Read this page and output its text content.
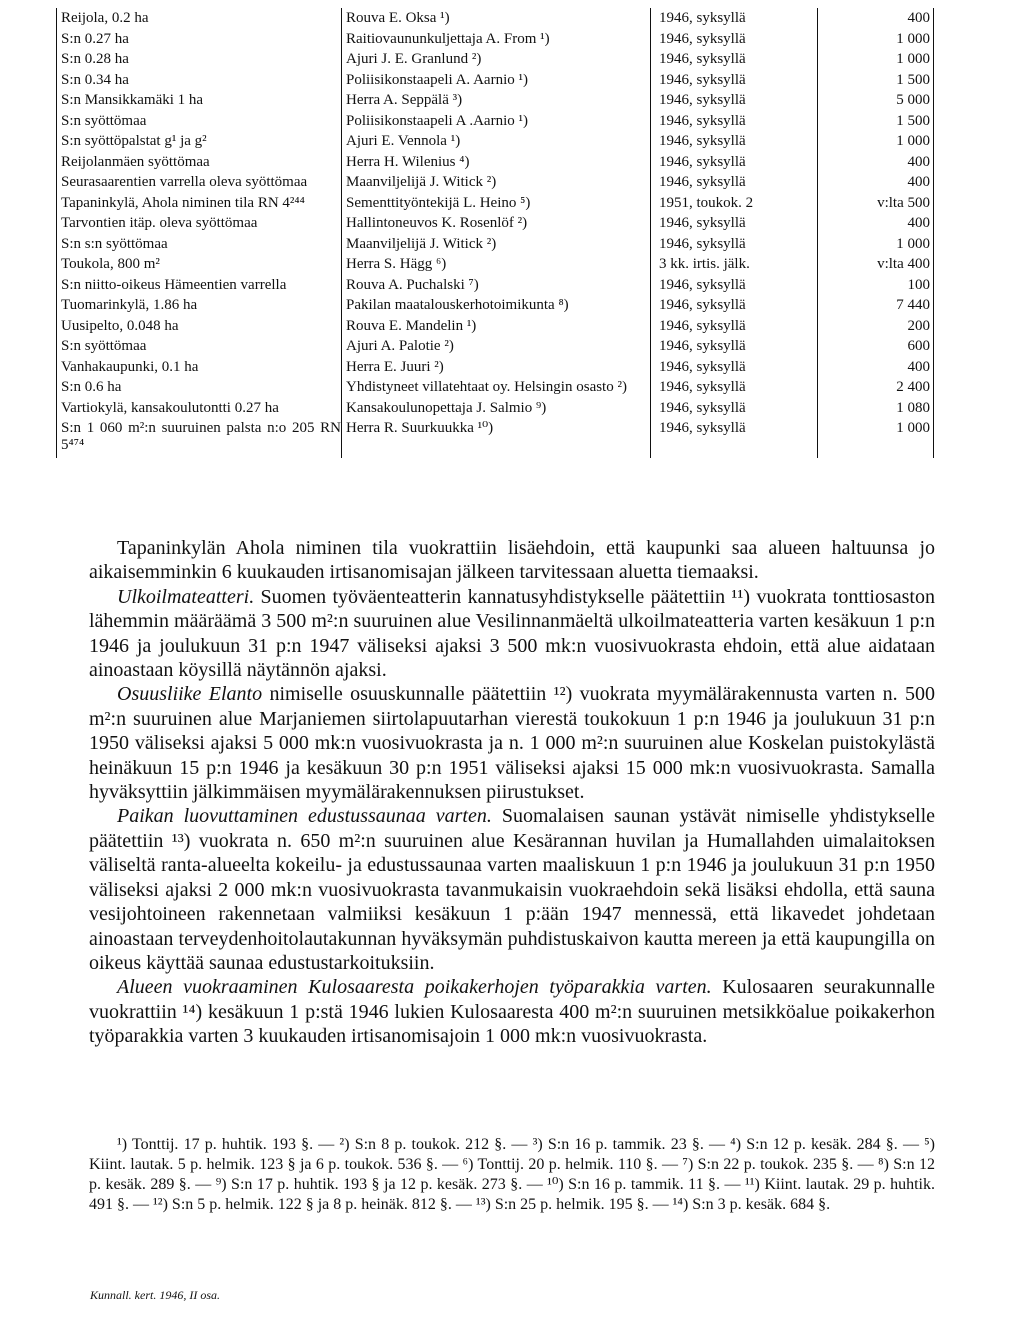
Reijola, 0.2 ha	Rouva E. Oksa ¹)	1946, syksyllä	400
S:n 0.27 ha	Raitiovaununkuljettaja A. From ¹)	1946, syksyllä	1 000
S:n 0.28 ha	Ajuri J. E. Granlund ²)	1946, syksyllä	1 000
S:n 0.34 ha	Poliisikonstaapeli A. Aarnio ¹)	1946, syksyllä	1 500
S:n Mansikkamäki 1 ha	Herra A. Seppälä ³)	1946, syksyllä	5 000
S:n syöttömaa	Poliisikonstaapeli A .Aarnio ¹)	1946, syksyllä	1 500
S:n syöttöpalstat g¹ ja g²	Ajuri E. Vennola ¹)	1946, syksyllä	1 000
Reijolanmäen syöttömaa	Herra H. Wilenius ⁴)	1946, syksyllä	400
Seurasaarentien varrella oleva syöttömaa	Maanviljelijä J. Witick ²)	1946, syksyllä	400
Tapaninkylä, Ahola niminen tila RN 4²⁴⁴	Sementtityöntekijä L. Heino ⁵)	1951, toukok. 2	v:lta 500
Tarvontien itäp. oleva syöttömaa	Hallintoneuvos K. Rosenlöf ²)	1946, syksyllä	400
S:n s:n syöttömaa	Maanviljelijä J. Witick ²)	1946, syksyllä	1 000
Toukola, 800 m²	Herra S. Hägg ⁶)	3 kk. irtis. jälk.	v:lta 400
S:n niitto-oikeus Hämeentien varrella	Rouva A. Puchalski ⁷)	1946, syksyllä	100
Tuomarinkylä, 1.86 ha	Pakilan maatalouskerhotoimikunta ⁸)	1946, syksyllä	7 440
Uusipelto, 0.048 ha	Rouva E. Mandelin ¹)	1946, syksyllä	200
S:n syöttömaa	Ajuri A. Palotie ²)	1946, syksyllä	600
Vanhakaupunki, 0.1 ha	Herra E. Juuri ²)	1946, syksyllä	400
S:n 0.6 ha	Yhdistyneet villatehtaat oy. Helsingin osasto ²)	1946, syksyllä	2 400
Vartiokylä, kansakoulutontti 0.27 ha	Kansakoulunopettaja J. Salmio ⁹)	1946, syksyllä	1 080
S:n 1 060 m²:n suuruinen palsta n:o 205 RN 5⁴⁷⁴	Herra R. Suurkuukka ¹⁰)	1946, syksyllä	1 000

Tapaninkylän Ahola niminen tila vuokrattiin lisäehdoin, että kaupunki saa alueen haltuunsa jo aikaisemminkin 6 kuukauden irtisanomisajan jälkeen tarvitessaan aluetta tiemaaksi.

Ulkoilmateatteri. Suomen työväenteatterin kannatusyhdistykselle päätettiin ¹¹) vuokrata tonttiosaston lähemmin määräämä 3 500 m²:n suuruinen alue Vesilinnanmäeltä ulkoilmateatteria varten kesäkuun 1 p:n 1946 ja joulukuun 31 p:n 1947 väliseksi ajaksi 3 500 mk:n vuosivuokrasta ehdoin, että alue aidataan ainoastaan köysillä näytännön ajaksi.

Osuusliike Elanto nimiselle osuuskunnalle päätettiin ¹²) vuokrata myymälärakennusta varten n. 500 m²:n suuruinen alue Marjaniemen siirtolapuutarhan vierestä toukokuun 1 p:n 1946 ja joulukuun 31 p:n 1950 väliseksi ajaksi 5 000 mk:n vuosivuokrasta ja n. 1 000 m²:n suuruinen alue Koskelan puistokylästä heinäkuun 15 p:n 1946 ja kesäkuun 30 p:n 1951 väliseksi ajaksi 15 000 mk:n vuosivuokrasta. Samalla hyväksyttiin jälkimmäisen myymälärakennuksen piirustukset.

Paikan luovuttaminen edustussaunaa varten. Suomalaisen saunan ystävät nimiselle yhdistykselle päätettiin ¹³) vuokrata n. 650 m²:n suuruinen alue Kesärannan huvilan ja Humallahden uimalaitoksen väliseltä ranta-alueelta kokeilu- ja edustussaunaa varten maaliskuun 1 p:n 1946 ja joulukuun 31 p:n 1950 väliseksi ajaksi 2 000 mk:n vuosivuokrasta tavanmukaisin vuokraehdoin sekä lisäksi ehdolla, että sauna vesijohtoineen rakennetaan valmiiksi kesäkuun 1 p:ään 1947 mennessä, että likavedet johdetaan ainoastaan terveydenhoitolautakunnan hyväksymän puhdistuskaivon kautta mereen ja että kaupungilla on oikeus käyttää saunaa edustustarkoituksiin.

Alueen vuokraaminen Kulosaaresta poikakerhojen työparakkia varten. Kulosaaren seurakunnalle vuokrattiin ¹⁴) kesäkuun 1 p:stä 1946 lukien Kulosaaresta 400 m²:n suuruinen metsikköalue poikakerhon työparakkia varten 3 kuukauden irtisanomisajoin 1 000 mk:n vuosivuokrasta.

¹) Tonttij. 17 p. huhtik. 193 §. — ²) S:n 8 p. toukok. 212 §. — ³) S:n 16 p. tammik. 23 §. — ⁴) S:n 12 p. kesäk. 284 §. — ⁵) Kiint. lautak. 5 p. helmik. 123 § ja 6 p. toukok. 536 §. — ⁶) Tonttij. 20 p. helmik. 110 §. — ⁷) S:n 22 p. toukok. 235 §. — ⁸) S:n 12 p. kesäk. 289 §. — ⁹) S:n 17 p. huhtik. 193 § ja 12 p. kesäk. 273 §. — ¹⁰) S:n 16 p. tammik. 11 §. — ¹¹) Kiint. lautak. 29 p. huhtik. 491 §. — ¹²) S:n 5 p. helmik. 122 § ja 8 p. heinäk. 812 §. — ¹³) S:n 25 p. helmik. 195 §. — ¹⁴) S:n 3 p. kesäk. 684 §.

Kunnall. kert. 1946, II osa.
